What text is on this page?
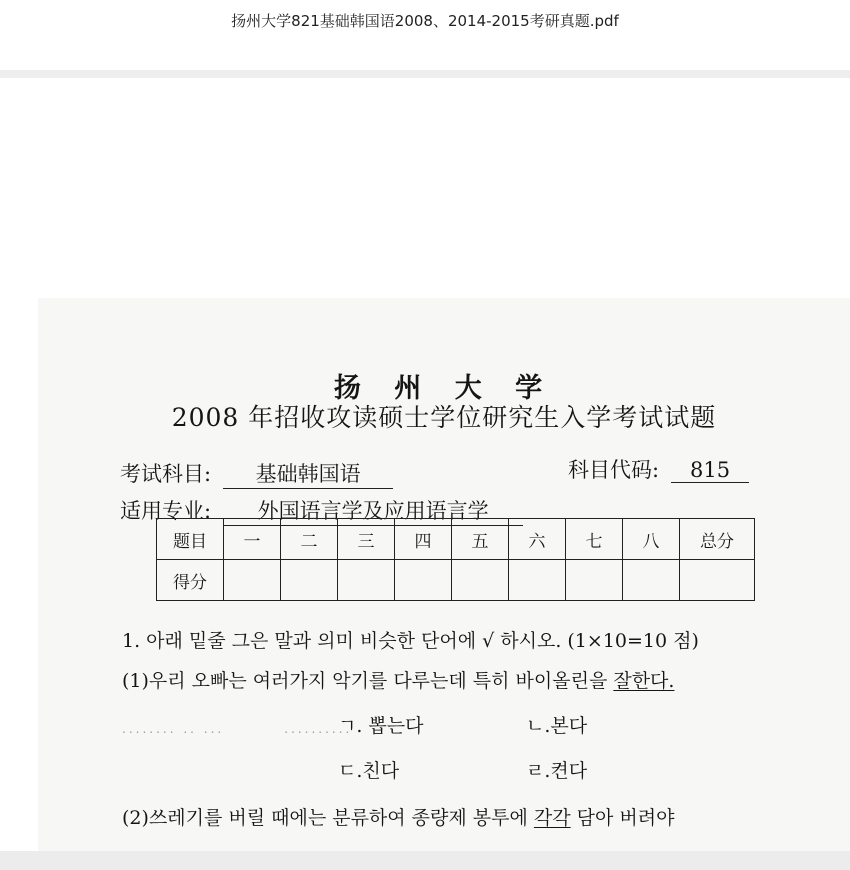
扬州大学821基础韩国语2008、2014-2015考研真题.pdf
扬 州 大 学
2008 年招收攻读硕士学位研究生入学考试试题
考试科目: 基础韩国语	科目代码: 815
适用专业: 外国语言学及应用语言学
题目	一	二	三	四	五	六	七	八	总分
得分									
1. 아래 밑줄 그은 말과 의미 비슷한 단어에 √ 하시오. (1×10=10 점)
(1)우리 오빠는 여러가지 악기를 다루는데 특히 바이올린을 잘한다.
........ .. ...	..........
ㄱ. 뽑는다	ㄴ.본다
ㄷ.친다	ㄹ.켠다
(2)쓰레기를 버릴 때에는 분류하여 종량제 봉투에 각각 담아 버려야
